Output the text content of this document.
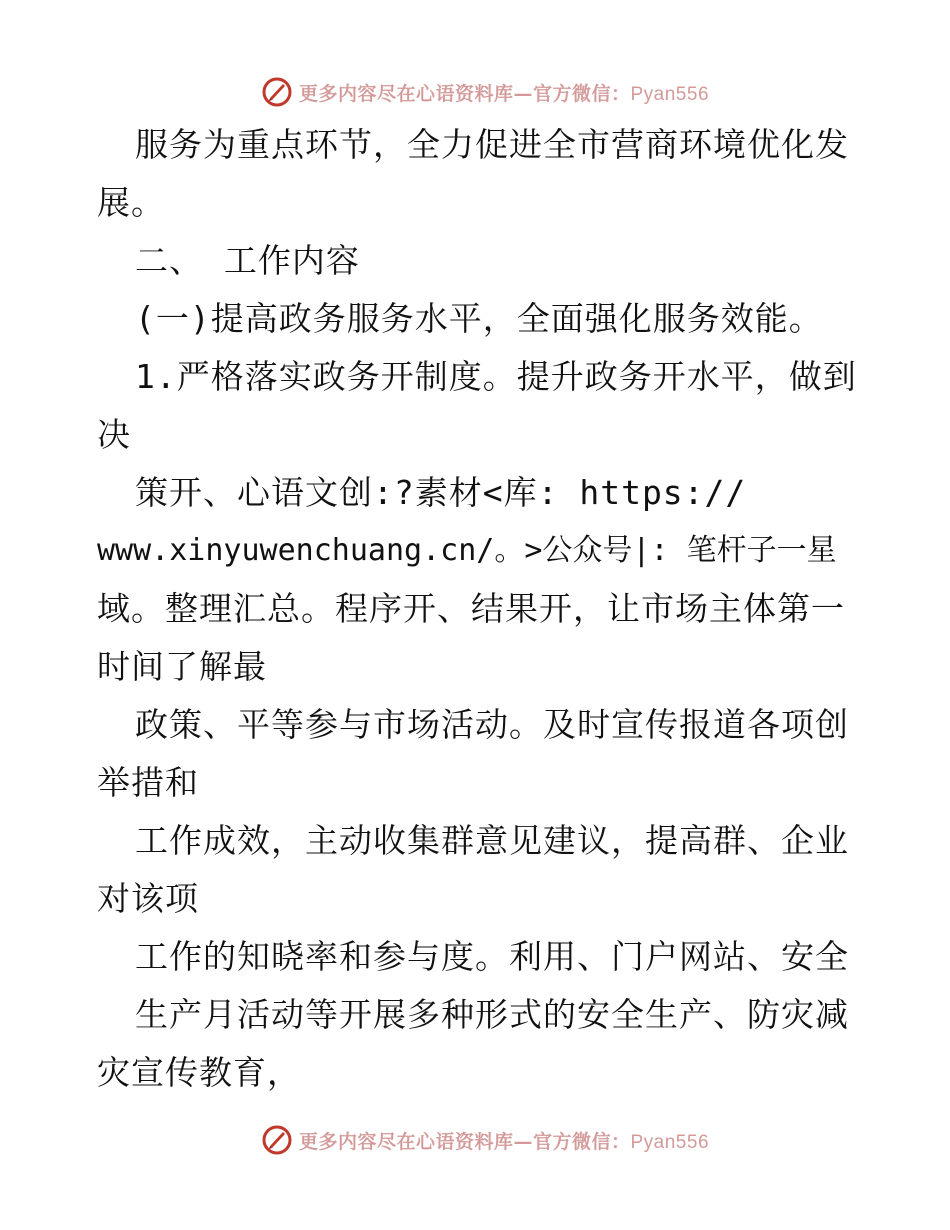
更多内容尽在心语资料库—官方微信：Pyan556
服务为重点环节，全力促进全市营商环境优化发
展。
二、 工作内容
(一)提高政务服务水平，全面强化服务效能。
1.严格落实政务开制度。提升政务开水平，做到
决
策开、心语文创:?素材<库: https://
www.xinyuwenchuang.cn/。>公众号|: 笔杆子一星
域。整理汇总。程序开、结果开，让市场主体第一
时间了解最
政策、平等参与市场活动。及时宣传报道各项创
举措和
工作成效，主动收集群意见建议，提高群、企业
对该项
工作的知晓率和参与度。利用、门户网站、安全
生产月活动等开展多种形式的安全生产、防灾减
灾宣传教育，
更多内容尽在心语资料库—官方微信：Pyan556
